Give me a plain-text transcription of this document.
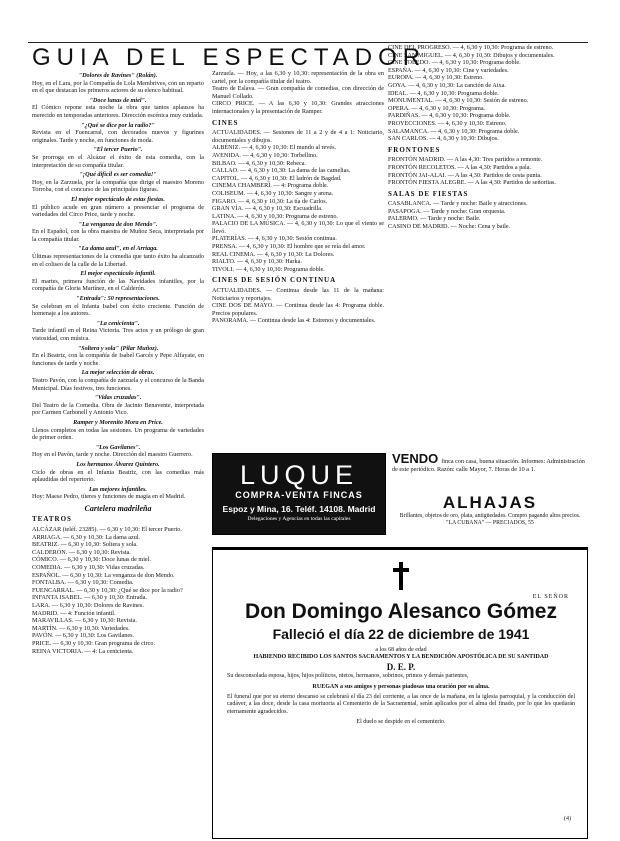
GUIA DEL ESPECTADOR
"Dolores de Ravines" (Rolán).
Hoy, en el Lara, por la Compañía de Lola Membrives, con un reparto en el que destacan los primeros actores de su elenco habitual.
"Doce lunas de miel".
El Cómico repone esta noche la obra que tantos aplausos ha merecido en temporadas anteriores. Dirección escénica muy cuidada.
"¿Qué se dice por la radio?"
Revista en el Fuencarral, con decorados nuevos y figurines originales. Tarde y noche, en funciones de moda.
"El tercer Puerto".
Se prorroga en el Alcázar el éxito de esta comedia, con la interpretación de su compañía titular.
"¡Qué difícil es ser comedia!"
Hoy, en la Zarzuela, por la compañía que dirige el maestro Moreno Torroba, con el concurso de las principales figuras.
El mejor espectáculo de estas fiestas.
El público acude en gran número a presenciar el programa de variedades del Circo Price, tarde y noche.
"La venganza de don Mendo".
En el Español, con la obra maestra de Muñoz Seca, interpretada por la compañía titular.
"La dama azul", en el Arriaga.
Últimas representaciones de la comedia que tanto éxito ha alcanzado en el coliseo de la calle de la Libertad.
El mejor espectáculo infantil.
El martes, primera función de las Navidades infantiles, por la compañía de Gloria Martínez, en el Calderón.
"Entrada": 50 representaciones.
Se celebran en el Infanta Isabel con éxito creciente. Función de homenaje a los autores.
"La cenicienta".
Tarde infantil en el Reina Victoria. Tres actos y un prólogo de gran vistosidad, con música.
"Soltera y sola" (Pilar Muñoz).
En el Beatriz, con la compañía de Isabel Garcés y Pepe Alfayate, en funciones de tarde y noche.
La mejor selección de obras.
Teatro Pavón, con la compañía de zarzuela y el concurso de la Banda Municipal. Días festivos, tres funciones.
"Vidas cruzadas".
Del Teatro de la Comedia. Obra de Jacinto Benavente, interpretada por Carmen Carbonell y Antonio Vico.
Ramper y Morenito Mora en Price.
Llenos completos en todas las sesiones. Un programa de variedades de primer orden.
"Los Gavilanes".
Hoy en el Pavón, tarde y noche. Dirección del maestro Guerrero.
Los hermanos Álvarez Quintero.
Ciclo de obras en el Infanta Beatriz, con las comedias más aplaudidas del repertorio.
Las mejores infantiles.
Hoy: Maese Pedro, títeres y funciones de magia en el Madrid.
Cartelera madrileña
TEATROS
ALCÁZAR (teléf. 23285). — 6,30 y 10,30: El tercer Puerto.
ARRIAGA. — 6,30 y 10,30: La dama azul.
BEATRIZ. — 6,30 y 10,30: Soltera y sola.
CALDERÓN. — 6,30 y 10,30: Revista.
CÓMICO. — 6,30 y 10,30: Doce lunas de miel.
COMEDIA. — 6,30 y 10,30: Vidas cruzadas.
ESPAÑOL. — 6,30 y 10,30: La venganza de don Mendo.
FONTALBA. — 6,30 y 10,30: Comedia.
FUENCARRAL. — 6,30 y 10,30: ¿Qué se dice por la radio?
INFANTA ISABEL. — 6,30 y 10,30: Entrada.
LARA. — 6,30 y 10,30: Dolores de Ravines.
MADRID. — 4: Función infantil.
MARAVILLAS. — 6,30 y 10,30: Revista.
MARTÍN. — 6,30 y 10,30: Variedades.
PAVÓN. — 6,30 y 10,30: Los Gavilanes.
PRICE. — 6,30 y 10,30: Gran programa de circo.
REINA VICTORIA. — 4: La cenicienta.
Zarzuela. — Hoy, a las 6,30 y 10,30: representación de la obra en cartel, por la compañía titular del teatro.
Teatro de Eslava. — Gran compañía de comedias, con dirección de Manuel Collado.
CIRCO PRICE. — A las 6,30 y 10,30: Grandes atracciones internacionales y la presentación de Ramper.
CINES
ACTUALIDADES. — Sesiones de 11 a 2 y de 4 a 1: Noticiario, documentales y dibujos.
ALBÉNIZ. — 4, 6,30 y 10,30: El mundo al revés.
AVENIDA. — 4, 6,30 y 10,30: Torbellino.
BILBAO. — 4, 6,30 y 10,30: Rebeca.
CALLAO. — 4, 6,30 y 10,30: La dama de las camelias.
CAPITOL. — 4, 6,30 y 10,30: El ladrón de Bagdad.
CINEMA CHAMBERÍ. — 4: Programa doble.
COLISEUM. — 4, 6,30 y 10,30: Sangre y arena.
FIGARO. — 4, 6,30 y 10,30: La tía de Carlos.
GRAN VÍA. — 4, 6,30 y 10,30: Escuadrilla.
LATINA. — 4, 6,30 y 10,30: Programa de estreno.
PALACIO DE LA MÚSICA. — 4, 6,30 y 10,30: Lo que el viento se llevó.
PLATERÍAS. — 4, 6,30 y 10,30: Sesión continua.
PRENSA. — 4, 6,30 y 10,30: El hombre que se reía del amor.
REAL CINEMA. — 4, 6,30 y 10,30: La Dolores.
RIALTO. — 4, 6,30 y 10,30: Harka.
TIVOLI. — 4, 6,30 y 10,30: Programa doble.
CINES DE SESIÓN CONTINUA
ACTUALIDADES. — Continua desde las 11 de la mañana: Noticiarios y reportajes.
CINE DOS DE MAYO. — Continua desde las 4: Programa doble. Precios populares.
PANORAMA. — Continua desde las 4: Estrenos y documentales.
CINE DEL PROGRESO. — 4, 6,30 y 10,30: Programa de estreno.
CINE SAN MIGUEL. — 4, 6,30 y 10,30: Dibujos y documentales.
CINE TOLEDO. — 4, 6,30 y 10,30: Programa doble.
ESPAÑA. — 4, 6,30 y 10,30: Cine y variedades.
EUROPA. — 4, 6,30 y 10,30: Estreno.
GOYA. — 4, 6,30 y 10,30: La canción de Aixa.
IDEAL. — 4, 6,30 y 10,30: Programa doble.
MONUMENTAL. — 4, 6,30 y 10,30: Sesión de estreno.
OPERA. — 4, 6,30 y 10,30: Programa.
PARDIÑAS. — 4, 6,30 y 10,30: Programa doble.
PROYECCIONES. — 4, 6,30 y 10,30: Estreno.
SALAMANCA. — 4, 6,30 y 10,30: Programa doble.
SAN CARLOS. — 4, 6,30 y 10,30: Dibujos.
FRONTONES
FRONTÓN MADRID. — A las 4,30: Tres partidos a remonte.
FRONTÓN RECOLETOS. — A las 4,30: Partidos a pala.
FRONTÓN JAI-ALAI. — A las 4,30: Partidos de cesta punta.
FRONTÓN FIESTA ALEGRE. — A las 4,30: Partidos de señoritas.
SALAS DE FIESTAS
CASABLANCA. — Tarde y noche: Baile y atracciones.
PASAPOGA. — Tarde y noche: Gran orquesta.
PALERMO. — Tarde y noche: Baile.
CASINO DE MADRID. — Noche: Cena y baile.
LUQUE
COMPRA-VENTA FINCAS
Espoz y Mina, 16. Teléf. 14108. Madrid
Delegaciones y Agencias en todas las capitales
VENDO finca con casa, buena situación. Informes: Administración de este periódico. Razón: calle Mayor, 7. Horas de 10 a 1.
ALHAJAS
Brillantes, objetos de oro, plata, antigüedades. Compro pagando altos precios.
"LA CUBANA" — PRECIADOS, 55
EL SEÑOR
Don Domingo Alesanco Gómez
Falleció el día 22 de diciembre de 1941
a los 68 años de edad
HABIENDO RECIBIDO LOS SANTOS SACRAMENTOS Y LA BENDICIÓN APOSTÓLICA DE SU SANTIDAD
D. E. P.
Su desconsolada esposa, hijos, hijos políticos, nietos, hermanos, sobrinos, primos y demás parientes,
RUEGAN a sus amigos y personas piadosas una oración por su alma.
El funeral que por su eterno descanso se celebrará el día 23 del corriente, a las once de la mañana, en la iglesia parroquial, y la conducción del cadáver, a las doce, desde la casa mortuoria al Cementerio de la Sacramental, serán aplicados por el alma del finado, por lo que les quedarán eternamente agradecidos.
El duelo se despide en el cementerio.
(4)
